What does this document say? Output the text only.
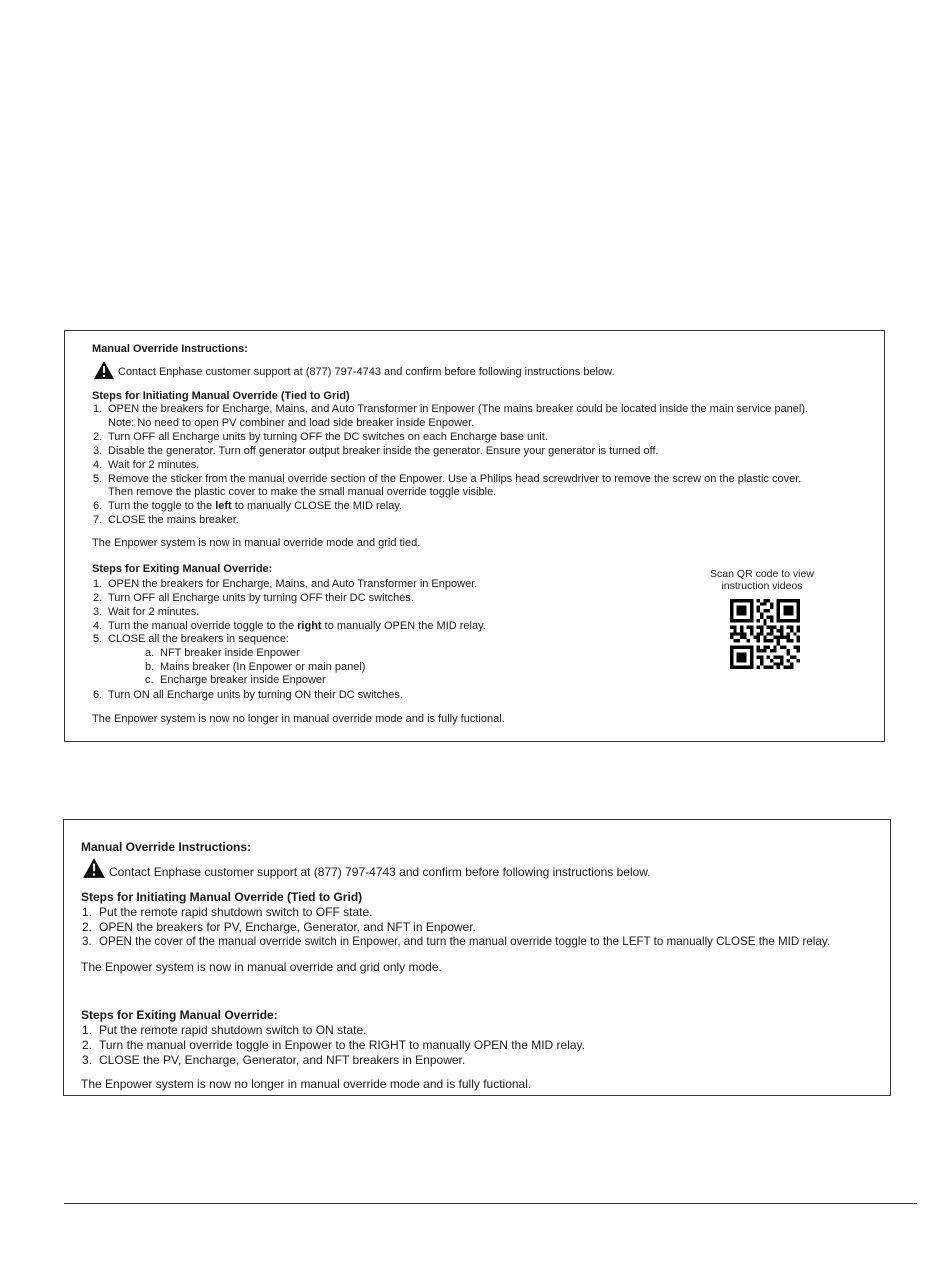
Manual Override Instructions:
Contact Enphase customer support at (877) 797-4743 and confirm before following instructions below.
Steps for Initiating Manual Override (Tied to Grid)
1. OPEN the breakers for Encharge, Mains, and Auto Transformer in Enpower (The mains breaker could be located inside the main service panel).
Note: No need to open PV combiner and load side breaker inside Enpower.
2. Turn OFF all Encharge units by turning OFF the DC switches on each Encharge base unit.
3. Disable the generator. Turn off generator output breaker inside the generator. Ensure your generator is turned off.
4. Wait for 2 minutes.
5. Remove the sticker from the manual override section of the Enpower. Use a Philips head screwdriver to remove the screw on the plastic cover.
Then remove the plastic cover to make the small manual override toggle visible.
6. Turn the toggle to the left to manually CLOSE the MID relay.
7. CLOSE the mains breaker.
The Enpower system is now in manual override mode and grid tied.
Steps for Exiting Manual Override:
1. OPEN the breakers for Encharge, Mains, and Auto Transformer in Enpower.
2. Turn OFF all Encharge units by turning OFF their DC switches.
3. Wait for 2 minutes.
4. Turn the manual override toggle to the right to manually OPEN the MID relay.
5. CLOSE all the breakers in sequence:
a. NFT breaker inside Enpower
b. Mains breaker (In Enpower or main panel)
c. Encharge breaker inside Enpower
6. Turn ON all Encharge units by turning ON their DC switches.
The Enpower system is now no longer in manual override mode and is fully fuctional.
Scan QR code to view instruction videos
Manual Override Instructions:
Contact Enphase customer support at (877) 797-4743 and confirm before following instructions below.
Steps for Initiating Manual Override (Tied to Grid)
1. Put the remote rapid shutdown switch to OFF state.
2. OPEN the breakers for PV, Encharge, Generator, and NFT in Enpower.
3. OPEN the cover of the manual override switch in Enpower, and turn the manual override toggle to the LEFT to manually CLOSE the MID relay.
The Enpower system is now in manual override and grid only mode.
Steps for Exiting Manual Override:
1. Put the remote rapid shutdown switch to ON state.
2. Turn the manual override toggle in Enpower to the RIGHT to manually OPEN the MID relay.
3. CLOSE the PV, Encharge, Generator, and NFT breakers in Enpower.
The Enpower system is now no longer in manual override mode and is fully fuctional.
